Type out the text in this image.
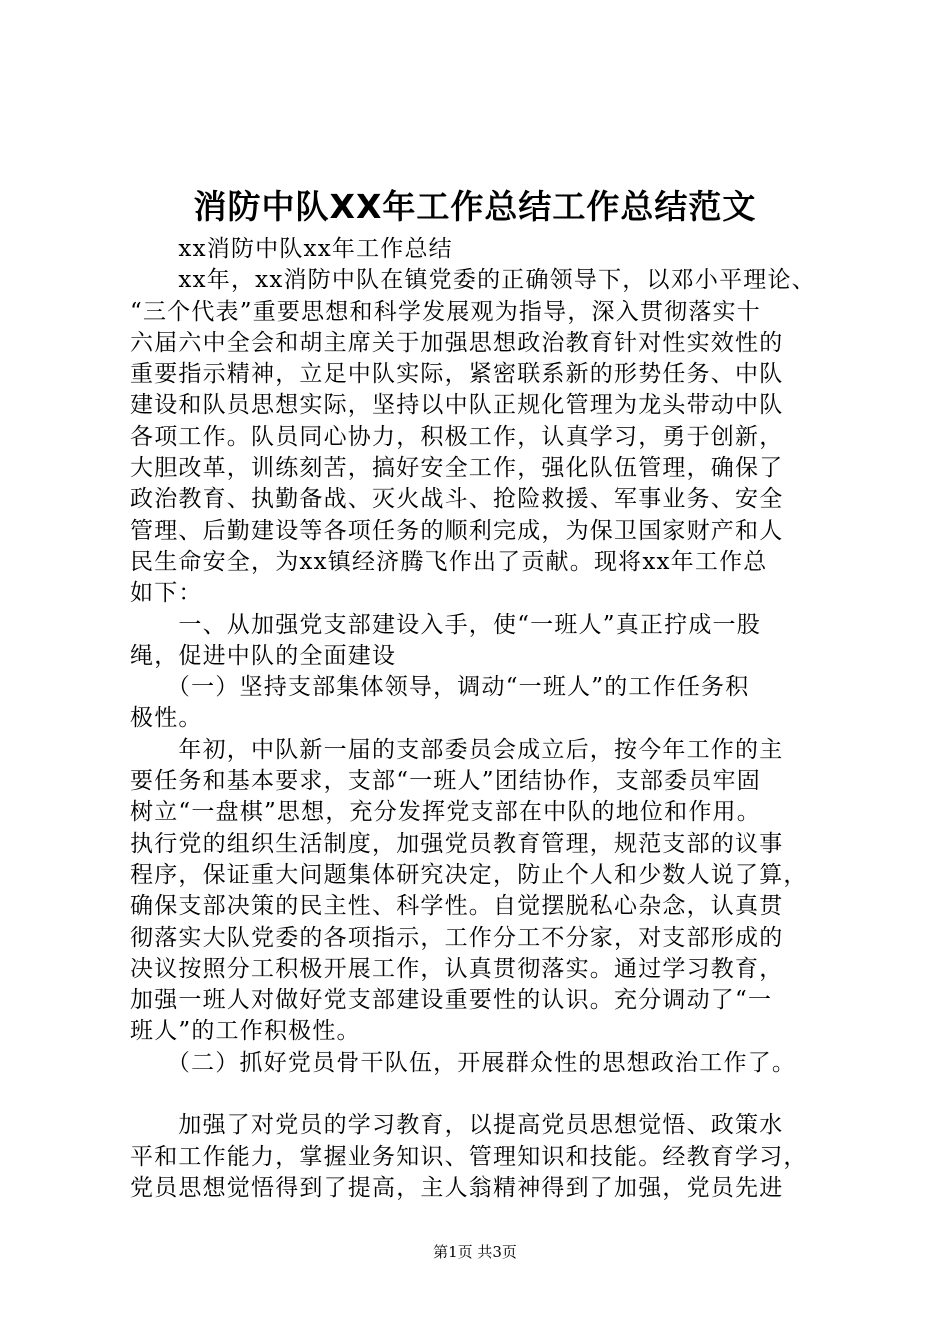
消防中队XX年工作总结工作总结范文
　　xx消防中队xx年工作总结
　　xx年，xx消防中队在镇党委的正确领导下，以邓小平理论、
“三个代表”重要思想和科学发展观为指导，深入贯彻落实十
六届六中全会和胡主席关于加强思想政治教育针对性实效性的
重要指示精神，立足中队实际，紧密联系新的形势任务、中队
建设和队员思想实际，坚持以中队正规化管理为龙头带动中队
各项工作。队员同心协力，积极工作，认真学习，勇于创新，
大胆改革，训练刻苦，搞好安全工作，强化队伍管理，确保了
政治教育、执勤备战、灭火战斗、抢险救援、军事业务、安全
管理、后勤建设等各项任务的顺利完成，为保卫国家财产和人
民生命安全，为xx镇经济腾飞作出了贡献。现将xx年工作总
如下：
　　一、从加强党支部建设入手，使“一班人”真正拧成一股
绳，促进中队的全面建设
　　（一）坚持支部集体领导，调动“一班人”的工作任务积
极性。
　　年初，中队新一届的支部委员会成立后，按今年工作的主
要任务和基本要求，支部“一班人”团结协作，支部委员牢固
树立“一盘棋”思想，充分发挥党支部在中队的地位和作用。
执行党的组织生活制度，加强党员教育管理，规范支部的议事
程序，保证重大问题集体研究决定，防止个人和少数人说了算，
确保支部决策的民主性、科学性。自觉摆脱私心杂念，认真贯
彻落实大队党委的各项指示，工作分工不分家，对支部形成的
决议按照分工积极开展工作，认真贯彻落实。通过学习教育，
加强一班人对做好党支部建设重要性的认识。充分调动了“一
班人”的工作积极性。
　　（二）抓好党员骨干队伍，开展群众性的思想政治工作了。
　　加强了对党员的学习教育，以提高党员思想觉悟、政策水
平和工作能力，掌握业务知识、管理知识和技能。经教育学习，
党员思想觉悟得到了提高，主人翁精神得到了加强，党员先进
第1页 共3页
